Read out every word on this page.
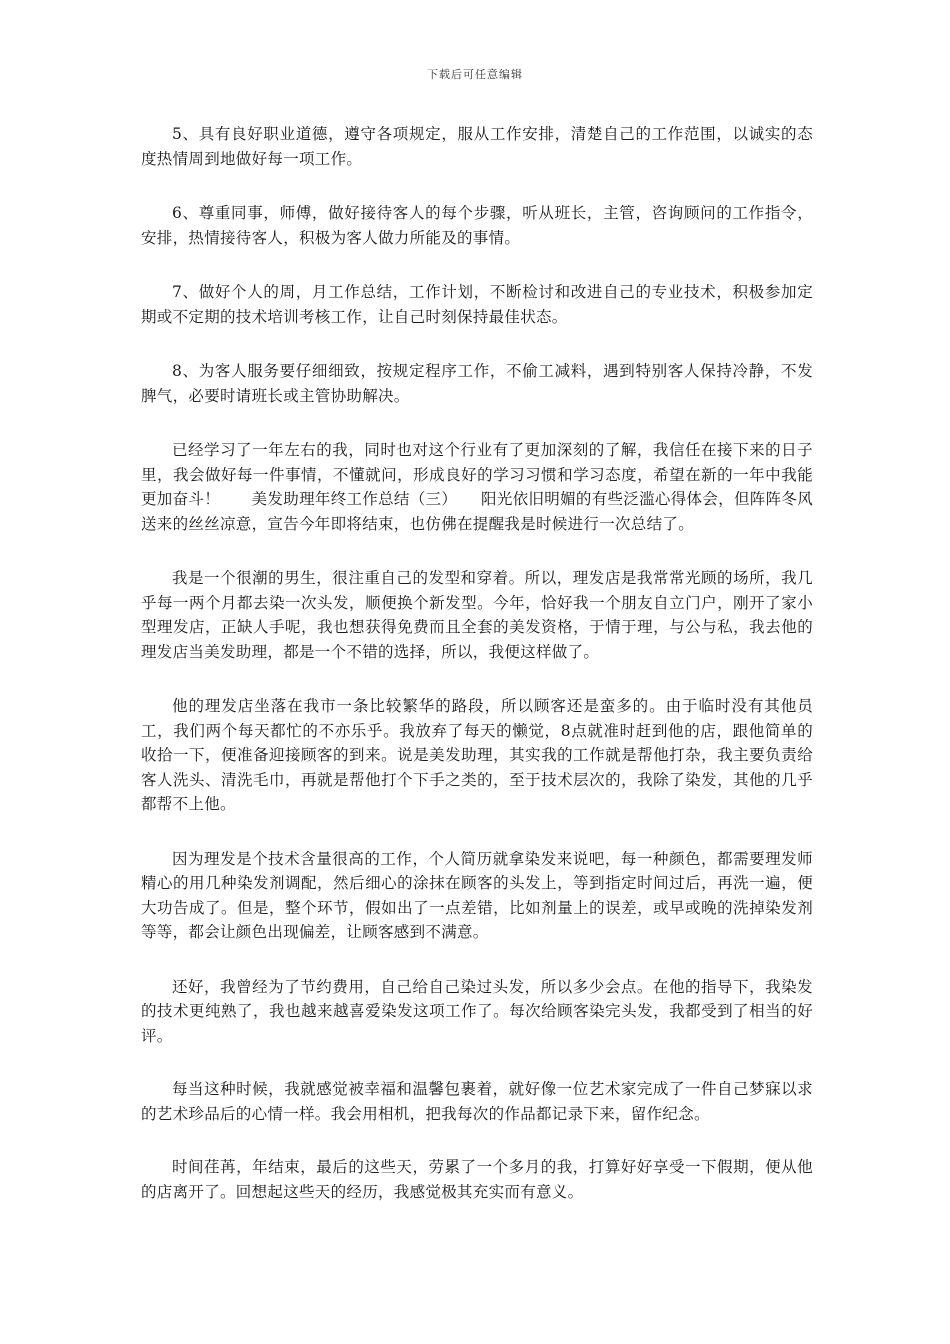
下载后可任意编辑

5、具有良好职业道德，遵守各项规定，服从工作安排，清楚自己的工作范围，以诚实的态度热情周到地做好每一项工作。

6、尊重同事，师傅，做好接待客人的每个步骤，听从班长，主管，咨询顾问的工作指令，安排，热情接待客人，积极为客人做力所能及的事情。

7、做好个人的周，月工作总结，工作计划，不断检讨和改进自己的专业技术，积极参加定期或不定期的技术培训考核工作，让自己时刻保持最佳状态。

8、为客人服务要仔细细致，按规定程序工作，不偷工减料，遇到特别客人保持冷静，不发脾气，必要时请班长或主管协助解决。

已经学习了一年左右的我，同时也对这个行业有了更加深刻的了解，我信任在接下来的日子里，我会做好每一件事情，不懂就问，形成良好的学习习惯和学习态度，希望在新的一年中我能更加奋斗！　　美发助理年终工作总结（三）　　阳光依旧明媚的有些泛滥心得体会，但阵阵冬风送来的丝丝凉意，宣告今年即将结束，也仿佛在提醒我是时候进行一次总结了。

我是一个很潮的男生，很注重自己的发型和穿着。所以，理发店是我常常光顾的场所，我几乎每一两个月都去染一次头发，顺便换个新发型。今年，恰好我一个朋友自立门户，刚开了家小型理发店，正缺人手呢，我也想获得免费而且全套的美发资格，于情于理，与公与私，我去他的理发店当美发助理，都是一个不错的选择，所以，我便这样做了。

他的理发店坐落在我市一条比较繁华的路段，所以顾客还是蛮多的。由于临时没有其他员工，我们两个每天都忙的不亦乐乎。我放弃了每天的懒觉，8点就准时赶到他的店，跟他简单的收拾一下，便准备迎接顾客的到来。说是美发助理，其实我的工作就是帮他打杂，我主要负责给客人洗头、清洗毛巾，再就是帮他打个下手之类的，至于技术层次的，我除了染发，其他的几乎都帮不上他。

因为理发是个技术含量很高的工作，个人简历就拿染发来说吧，每一种颜色，都需要理发师精心的用几种染发剂调配，然后细心的涂抹在顾客的头发上，等到指定时间过后，再洗一遍，便大功告成了。但是，整个环节，假如出了一点差错，比如剂量上的误差，或早或晚的洗掉染发剂等等，都会让颜色出现偏差，让顾客感到不满意。

还好，我曾经为了节约费用，自己给自己染过头发，所以多少会点。在他的指导下，我染发的技术更纯熟了，我也越来越喜爱染发这项工作了。每次给顾客染完头发，我都受到了相当的好评。

每当这种时候，我就感觉被幸福和温馨包裹着，就好像一位艺术家完成了一件自己梦寐以求的艺术珍品后的心情一样。我会用相机，把我每次的作品都记录下来，留作纪念。

时间荏苒，年结束，最后的这些天，劳累了一个多月的我，打算好好享受一下假期，便从他的店离开了。回想起这些天的经历，我感觉极其充实而有意义。
